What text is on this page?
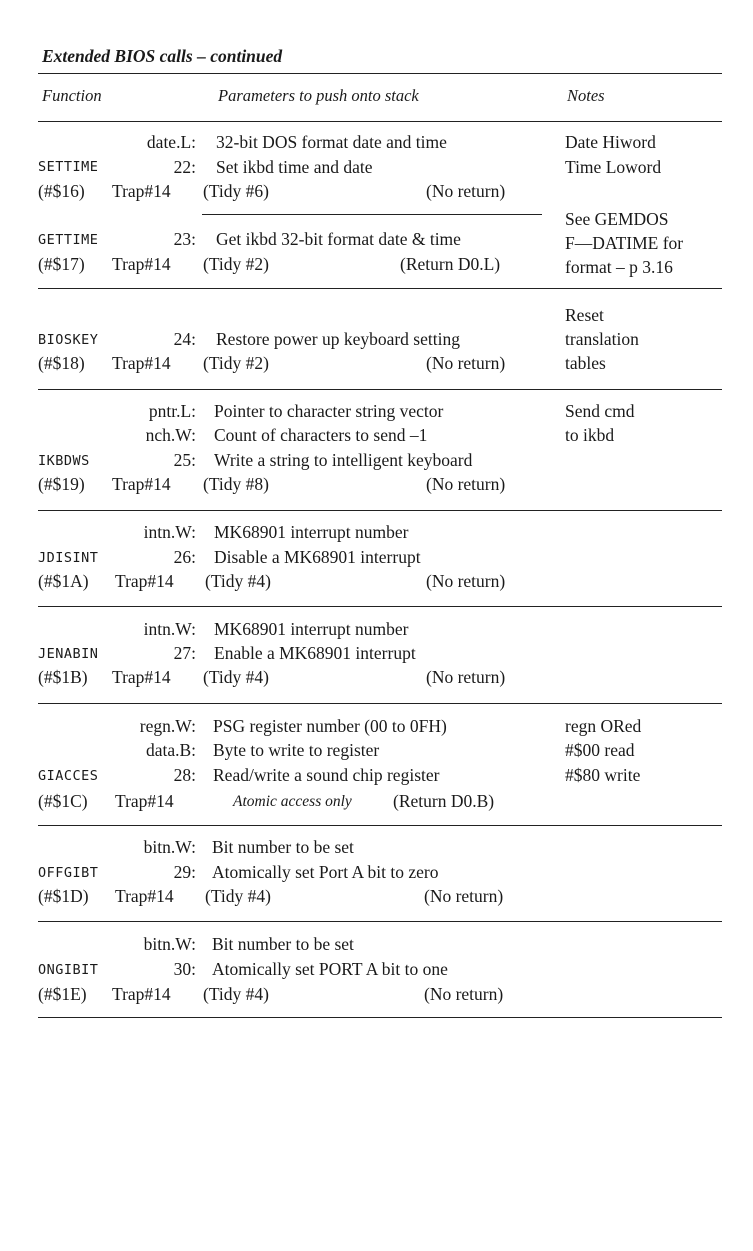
Extended BIOS calls – continued
Function	Parameters to push onto stack	Notes
date.L: 32-bit DOS format date and time	Date Hiword
SETTIME	22: Set ikbd time and date	Time Loword
(#$16) Trap#14 (Tidy #6)	(No return)
See GEMDOS
GETTIME	23: Get ikbd 32-bit format date & time	F—DATIME for
(#$17) Trap#14 (Tidy #2)	(Return D0.L)	format – p 3.16
Reset
BIOSKEY	24: Restore power up keyboard setting	translation
(#$18) Trap#14 (Tidy #2)	(No return)	tables
pntr.L: Pointer to character string vector	Send cmd
nch.W: Count of characters to send –1	to ikbd
IKBDWS	25: Write a string to intelligent keyboard
(#$19) Trap#14 (Tidy #8)	(No return)
intn.W: MK68901 interrupt number
JDISINT	26: Disable a MK68901 interrupt
(#$1A) Trap#14 (Tidy #4)	(No return)
intn.W: MK68901 interrupt number
JENABIN	27: Enable a MK68901 interrupt
(#$1B) Trap#14 (Tidy #4)	(No return)
regn.W: PSG register number (00 to 0FH)	regn ORed
data.B: Byte to write to register	#$00 read
GIACCES	28: Read/write a sound chip register	#$80 write
(#$1C) Trap#14	Atomic access only (Return D0.B)
bitn.W: Bit number to be set
OFFGIBT	29: Atomically set Port A bit to zero
(#$1D) Trap#14 (Tidy #4)	(No return)
bitn.W: Bit number to be set
ONGIBIT	30: Atomically set PORT A bit to one
(#$1E) Trap#14 (Tidy #4)	(No return)
